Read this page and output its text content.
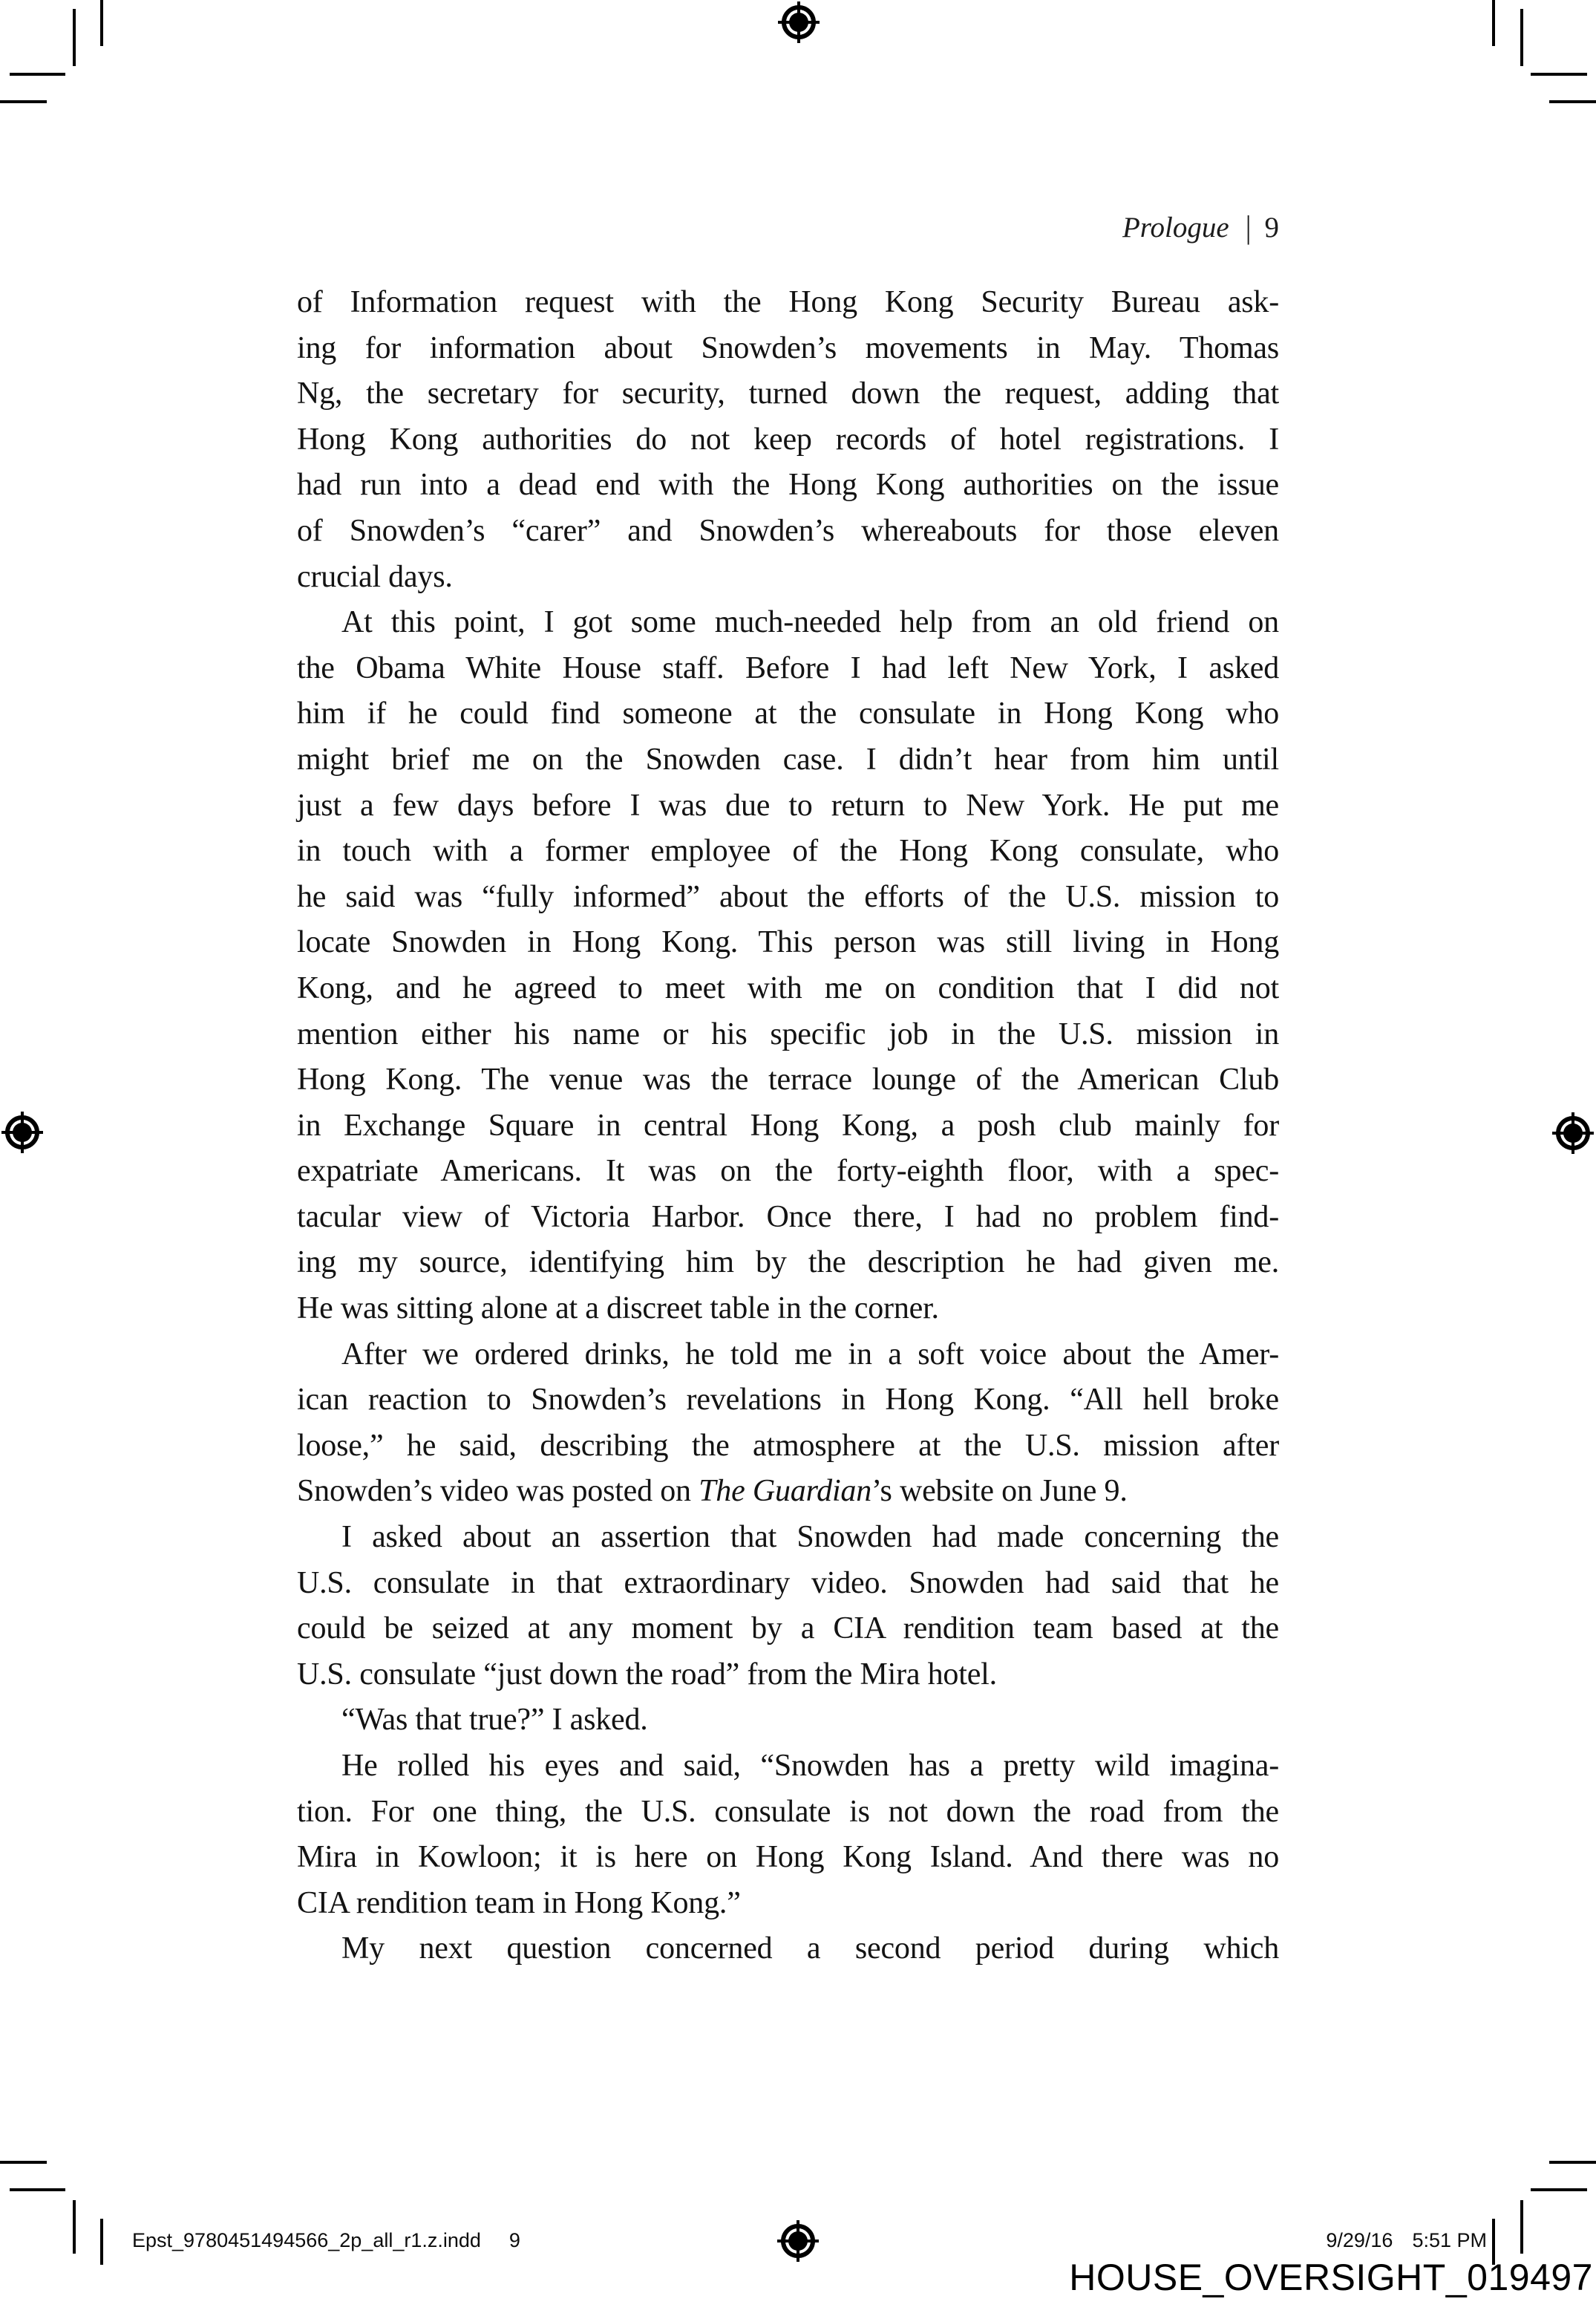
Prologue | 9
of Information request with the Hong Kong Security Bureau ask-
ing for information about Snowden’s movements in May. Thomas
Ng, the secretary for security, turned down the request, adding that
Hong Kong authorities do not keep records of hotel registrations. I
had run into a dead end with the Hong Kong authorities on the issue
of Snowden’s “carer” and Snowden’s whereabouts for those eleven
crucial days.
At this point, I got some much-needed help from an old friend on
the Obama White House staff. Before I had left New York, I asked
him if he could find someone at the consulate in Hong Kong who
might brief me on the Snowden case. I didn’t hear from him until
just a few days before I was due to return to New York. He put me
in touch with a former employee of the Hong Kong consulate, who
he said was “fully informed” about the efforts of the U.S. mission to
locate Snowden in Hong Kong. This person was still living in Hong
Kong, and he agreed to meet with me on condition that I did not
mention either his name or his specific job in the U.S. mission in
Hong Kong. The venue was the terrace lounge of the American Club
in Exchange Square in central Hong Kong, a posh club mainly for
expatriate Americans. It was on the forty-eighth floor, with a spec-
tacular view of Victoria Harbor. Once there, I had no problem find-
ing my source, identifying him by the description he had given me.
He was sitting alone at a discreet table in the corner.
After we ordered drinks, he told me in a soft voice about the Amer-
ican reaction to Snowden’s revelations in Hong Kong. “All hell broke
loose,” he said, describing the atmosphere at the U.S. mission after
Snowden’s video was posted on The Guardian’s website on June 9.
I asked about an assertion that Snowden had made concerning the
U.S. consulate in that extraordinary video. Snowden had said that he
could be seized at any moment by a CIA rendition team based at the
U.S. consulate “just down the road” from the Mira hotel.
“Was that true?” I asked.
He rolled his eyes and said, “Snowden has a pretty wild imagina-
tion. For one thing, the U.S. consulate is not down the road from the
Mira in Kowloon; it is here on Hong Kong Island. And there was no
CIA rendition team in Hong Kong.”
My next question concerned a second period during which
Epst_9780451494566_2p_all_r1.z.indd 9	9/29/16 5:51 PM
HOUSE_OVERSIGHT_019497
